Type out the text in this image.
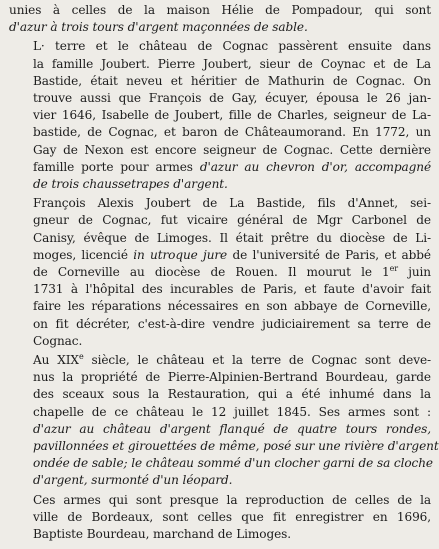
unies à celles de la maison Hélie de Pompadour, qui sont
d'azur à trois tours d'argent maçonnées de sable.

L· terre et le château de Cognac passèrent ensuite dans
la famille Joubert. Pierre Joubert, sieur de Coynac et de La
Bastide, était neveu et héritier de Mathurin de Cognac. On
trouve aussi que François de Gay, écuyer, épousa le 26 jan-
vier 1646, Isabelle de Joubert, fille de Charles, seigneur de La-
bastide, de Cognac, et baron de Châteaumorand. En 1772, un
Gay de Nexon est encore seigneur de Cognac. Cette dernière
famille porte pour armes d'azur au chevron d'or, accompagné
de trois chaussetrapes d'argent.

François Alexis Joubert de La Bastide, fils d'Annet, sei-
gneur de Cognac, fut vicaire général de Mgr Carbonel de
Canisy, évêque de Limoges. Il était prêtre du diocèse de Li-
moges, licencié in utroque jure de l'université de Paris, et abbé
de Corneville au diocèse de Rouen. Il mourut le 1er juin
1731 à l'hôpital des incurables de Paris, et faute d'avoir fait
faire les réparations nécessaires en son abbaye de Corneville,
on fit décréter, c'est-à-dire vendre judiciairement sa terre de
Cognac.

Au XIXe siècle, le château et la terre de Cognac sont deve-
nus la propriété de Pierre-Alpinien-Bertrand Bourdeau, garde
des sceaux sous la Restauration, qui a été inhumé dans la
chapelle de ce château le 12 juillet 1845. Ses armes sont :
d'azur au château d'argent flanqué de quatre tours rondes,
pavillonnées et girouettées de même, posé sur une rivière d'argent
ondée de sable; le château sommé d'un clocher garni de sa cloche
d'argent, surmonté d'un léopard.

Ces armes qui sont presque la reproduction de celles de la
ville de Bordeaux, sont celles que fit enregistrer en 1696,
Baptiste Bourdeau, marchand de Limoges.
